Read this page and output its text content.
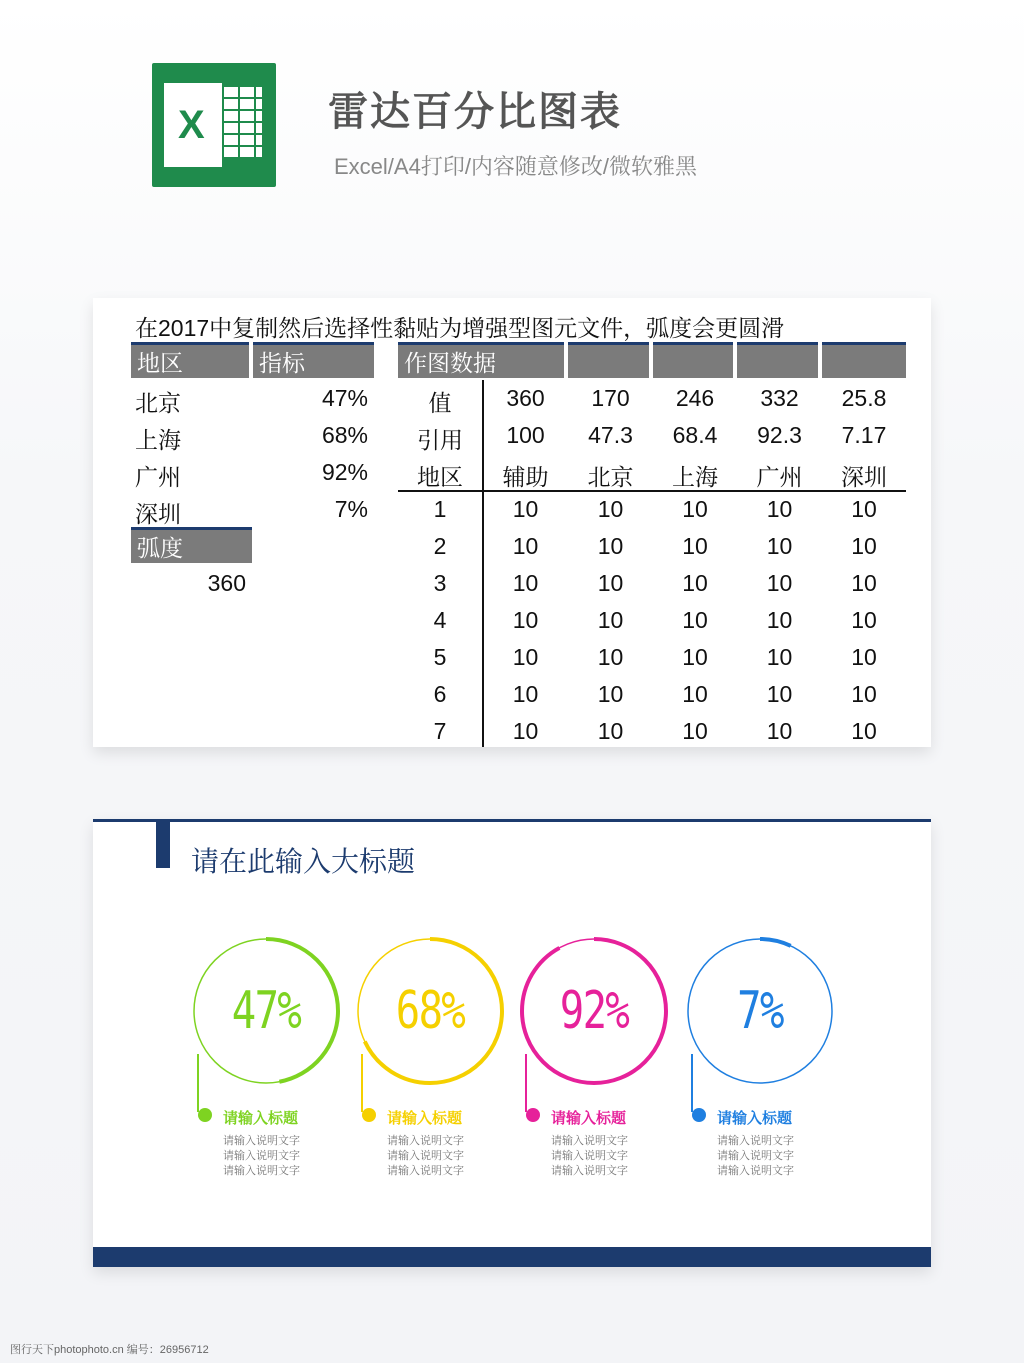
X	雷达百分比图表
Excel/A4打印/内容随意修改/微软雅黑
在2017中复制然后选择性黏贴为增强型图元文件，弧度会更圆滑
地区	指标	作图数据
北京	47%
上海	68%
广州	92%
深圳	7%
弧度
360
值	360	170	246	332	25.8
引用	100	47.3	68.4	92.3	7.17
地区	辅助	北京	上海	广州	深圳
1	10	10	10	10	10
2	10	10	10	10	10
3	10	10	10	10	10
4	10	10	10	10	10
5	10	10	10	10	10
6	10	10	10	10	10
7	10	10	10	10	10
请在此输入大标题
47%
请输入标题
请输入说明文字
请输入说明文字
请输入说明文字
68%
请输入标题
请输入说明文字
请输入说明文字
请输入说明文字
92%
请输入标题
请输入说明文字
请输入说明文字
请输入说明文字
7%
请输入标题
请输入说明文字
请输入说明文字
请输入说明文字
图行天下photophoto.cn 编号：26956712
